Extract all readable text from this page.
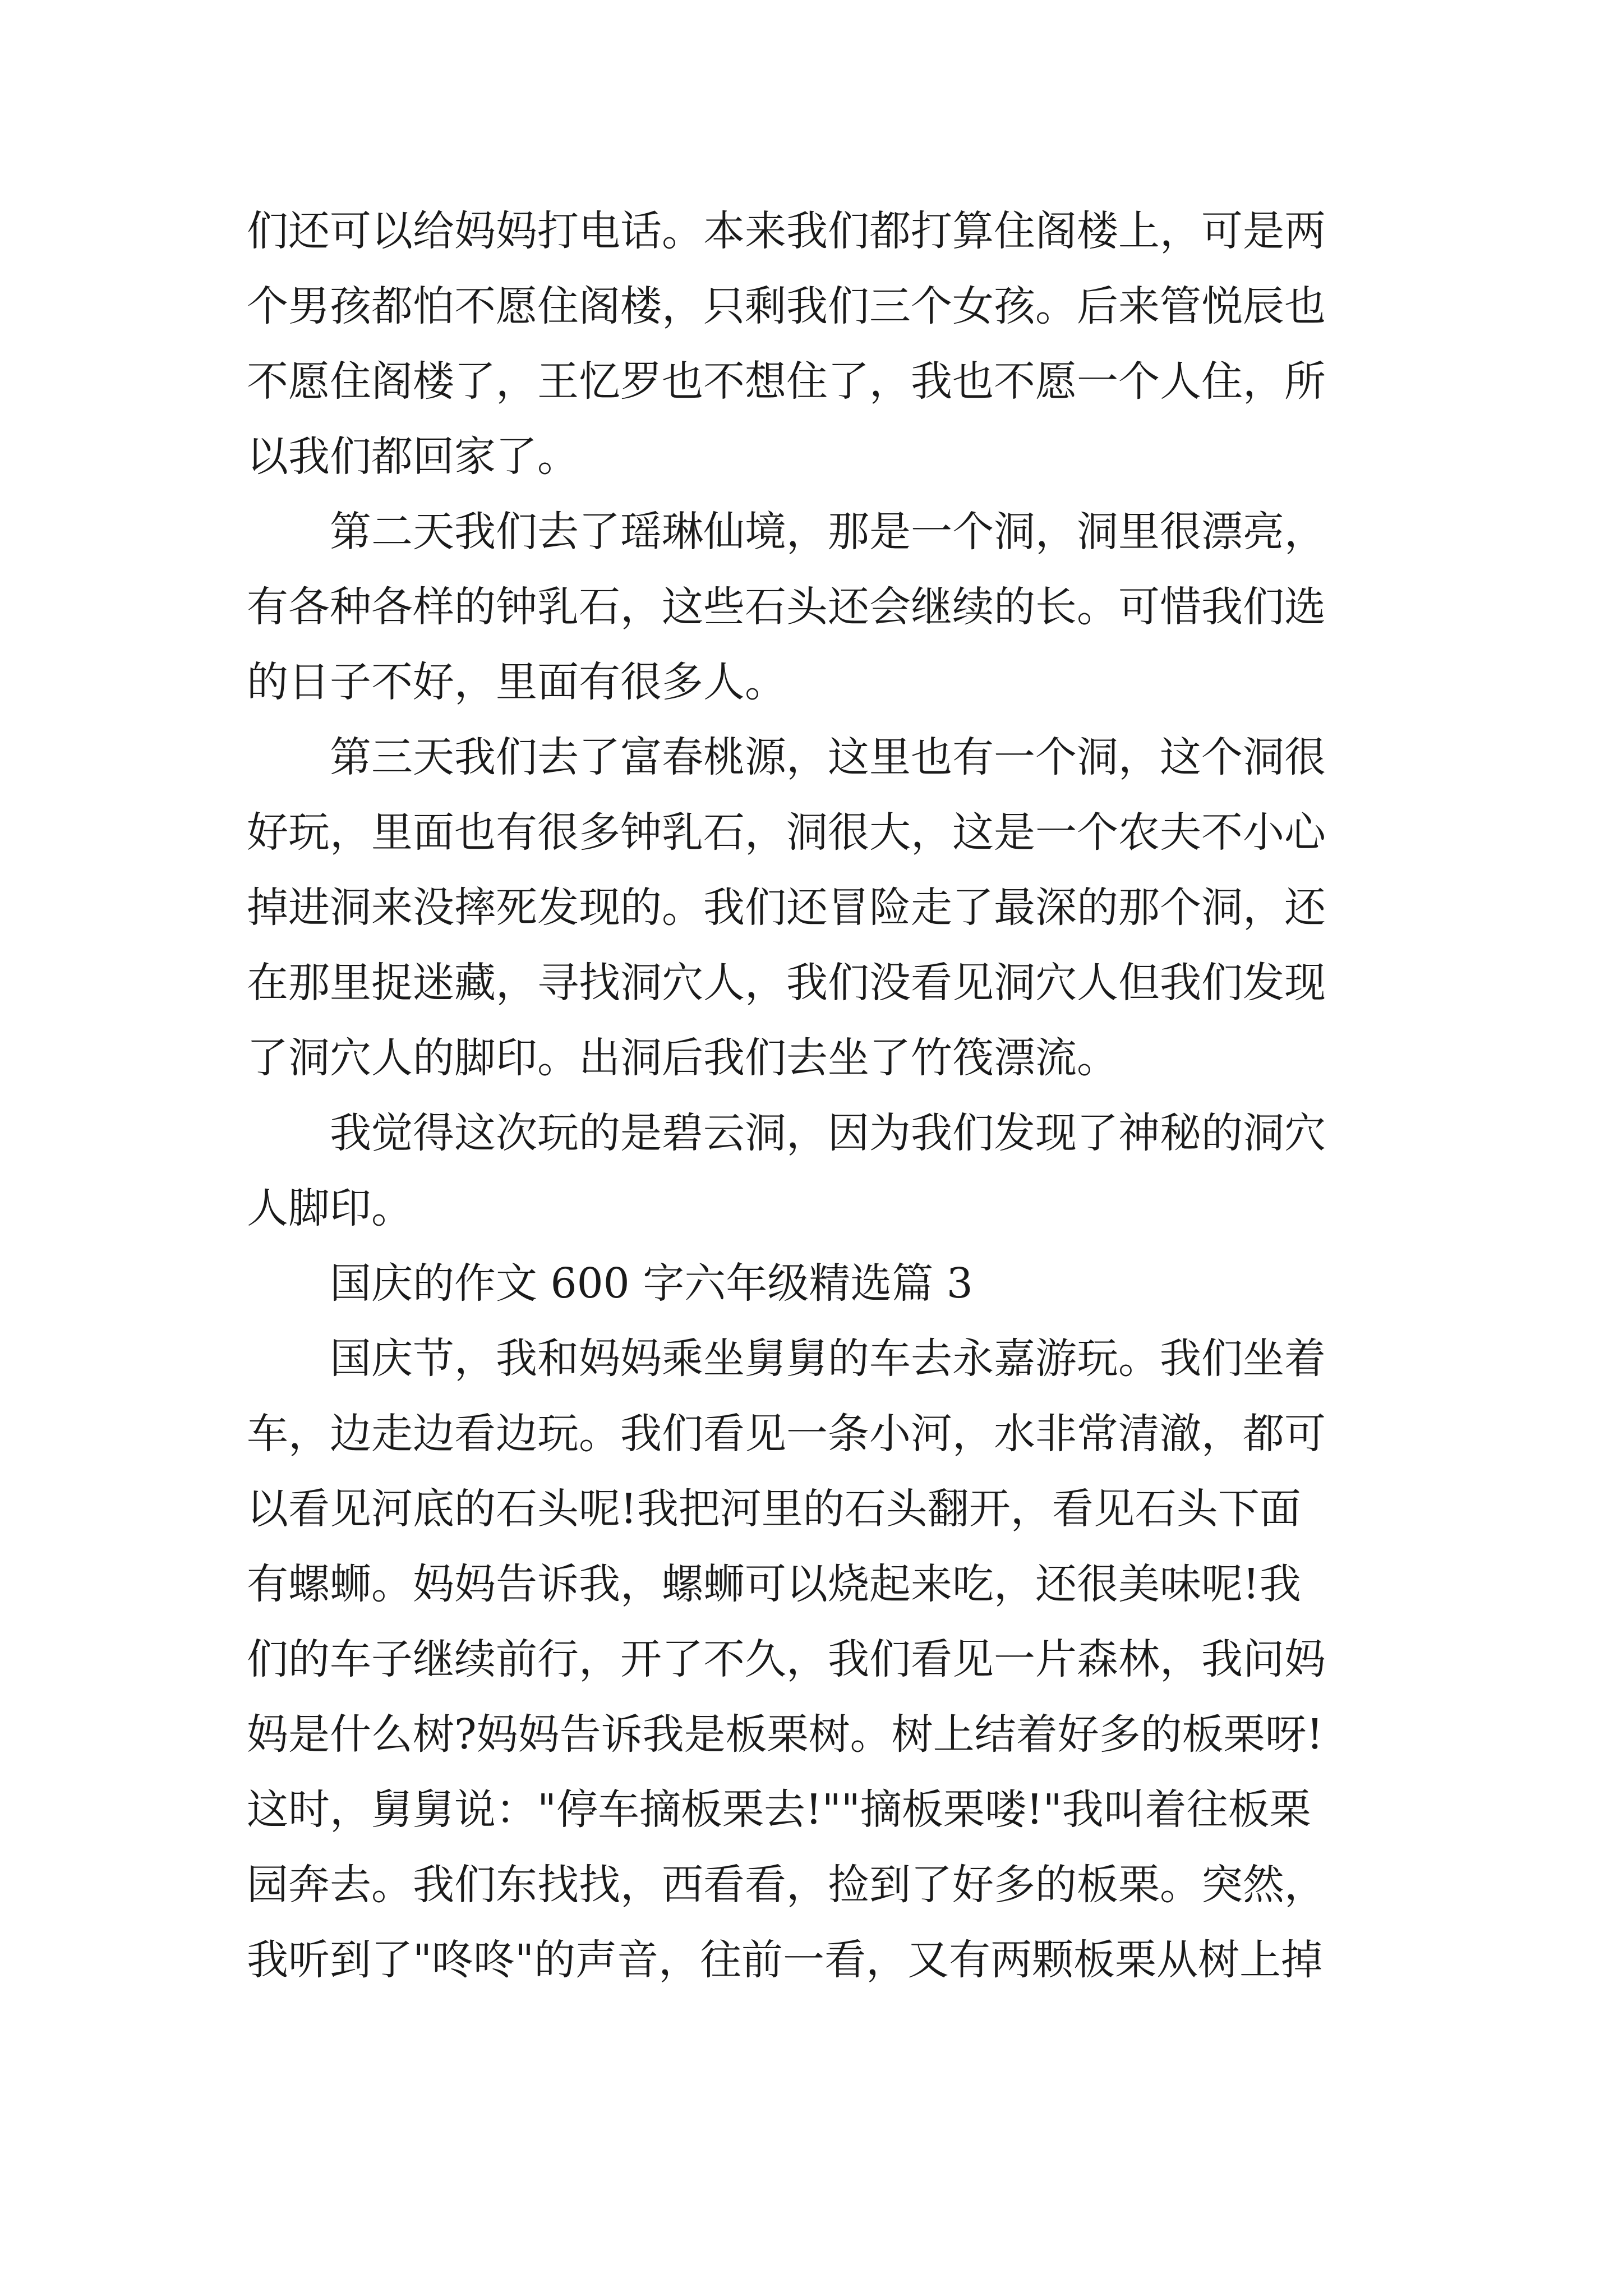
们还可以给妈妈打电话。本来我们都打算住阁楼上，可是两
个男孩都怕不愿住阁楼，只剩我们三个女孩。后来管悦辰也
不愿住阁楼了，王忆罗也不想住了，我也不愿一个人住，所
以我们都回家了。
　　第二天我们去了瑶琳仙境，那是一个洞，洞里很漂亮，
有各种各样的钟乳石，这些石头还会继续的长。可惜我们选
的日子不好，里面有很多人。
　　第三天我们去了富春桃源，这里也有一个洞，这个洞很
好玩，里面也有很多钟乳石，洞很大，这是一个农夫不小心
掉进洞来没摔死发现的。我们还冒险走了最深的那个洞，还
在那里捉迷藏，寻找洞穴人，我们没看见洞穴人但我们发现
了洞穴人的脚印。出洞后我们去坐了竹筏漂流。
　　我觉得这次玩的是碧云洞，因为我们发现了神秘的洞穴
人脚印。
　　国庆的作文 600 字六年级精选篇 3
　　国庆节，我和妈妈乘坐舅舅的车去永嘉游玩。我们坐着
车，边走边看边玩。我们看见一条小河，水非常清澈，都可
以看见河底的石头呢!我把河里的石头翻开，看见石头下面
有螺蛳。妈妈告诉我，螺蛳可以烧起来吃，还很美味呢!我
们的车子继续前行，开了不久，我们看见一片森林，我问妈
妈是什么树?妈妈告诉我是板栗树。树上结着好多的板栗呀!
这时，舅舅说："停车摘板栗去!""摘板栗喽!"我叫着往板栗
园奔去。我们东找找，西看看，捡到了好多的板栗。突然，
我听到了"咚咚"的声音，往前一看，又有两颗板栗从树上掉
